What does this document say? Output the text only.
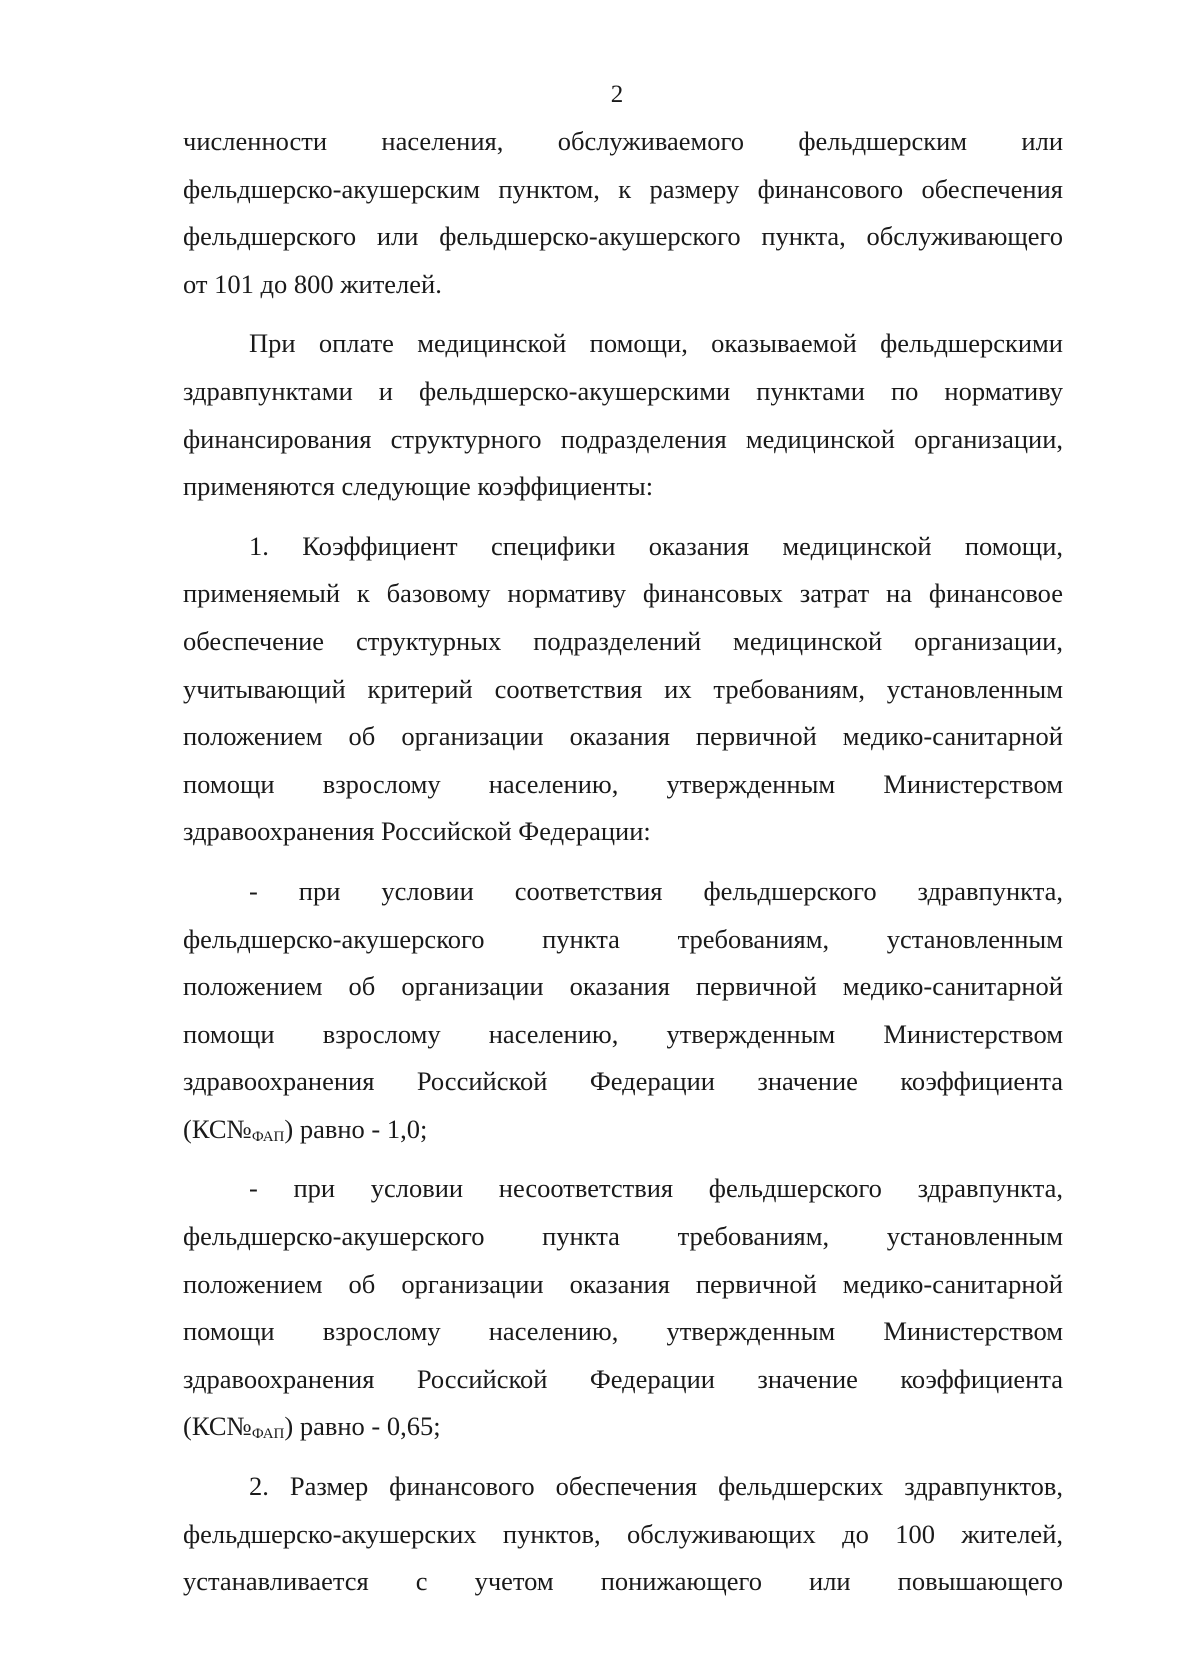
2
численности населения, обслуживаемого фельдшерским или
фельдшерско-акушерским пунктом, к размеру финансового обеспечения
фельдшерского или фельдшерско-акушерского пункта, обслуживающего
от 101 до 800 жителей.
При оплате медицинской помощи, оказываемой фельдшерскими
здравпунктами и фельдшерско-акушерскими пунктами по нормативу
финансирования структурного подразделения медицинской организации,
применяются следующие коэффициенты:
1. Коэффициент специфики оказания медицинской помощи,
применяемый к базовому нормативу финансовых затрат на финансовое
обеспечение структурных подразделений медицинской организации,
учитывающий критерий соответствия их требованиям, установленным
положением об организации оказания первичной медико-санитарной
помощи взрослому населению, утвержденным Министерством
здравоохранения Российской Федерации:
- при условии соответствия фельдшерского здравпункта,
фельдшерско-акушерского пункта требованиям, установленным
положением об организации оказания первичной медико-санитарной
помощи взрослому населению, утвержденным Министерством
здравоохранения Российской Федерации значение коэффициента
$(КС№_{ФАП})$ равно - 1,0;
- при условии несоответствия фельдшерского здравпункта,
фельдшерско-акушерского пункта требованиям, установленным
положением об организации оказания первичной медико-санитарной
помощи взрослому населению, утвержденным Министерством
здравоохранения Российской Федерации значение коэффициента
$(КС№_{ФАП})$ равно - 0,65;
2. Размер финансового обеспечения фельдшерских здравпунктов,
фельдшерско-акушерских пунктов, обслуживающих до 100 жителей,
устанавливается с учетом понижающего или повышающего
